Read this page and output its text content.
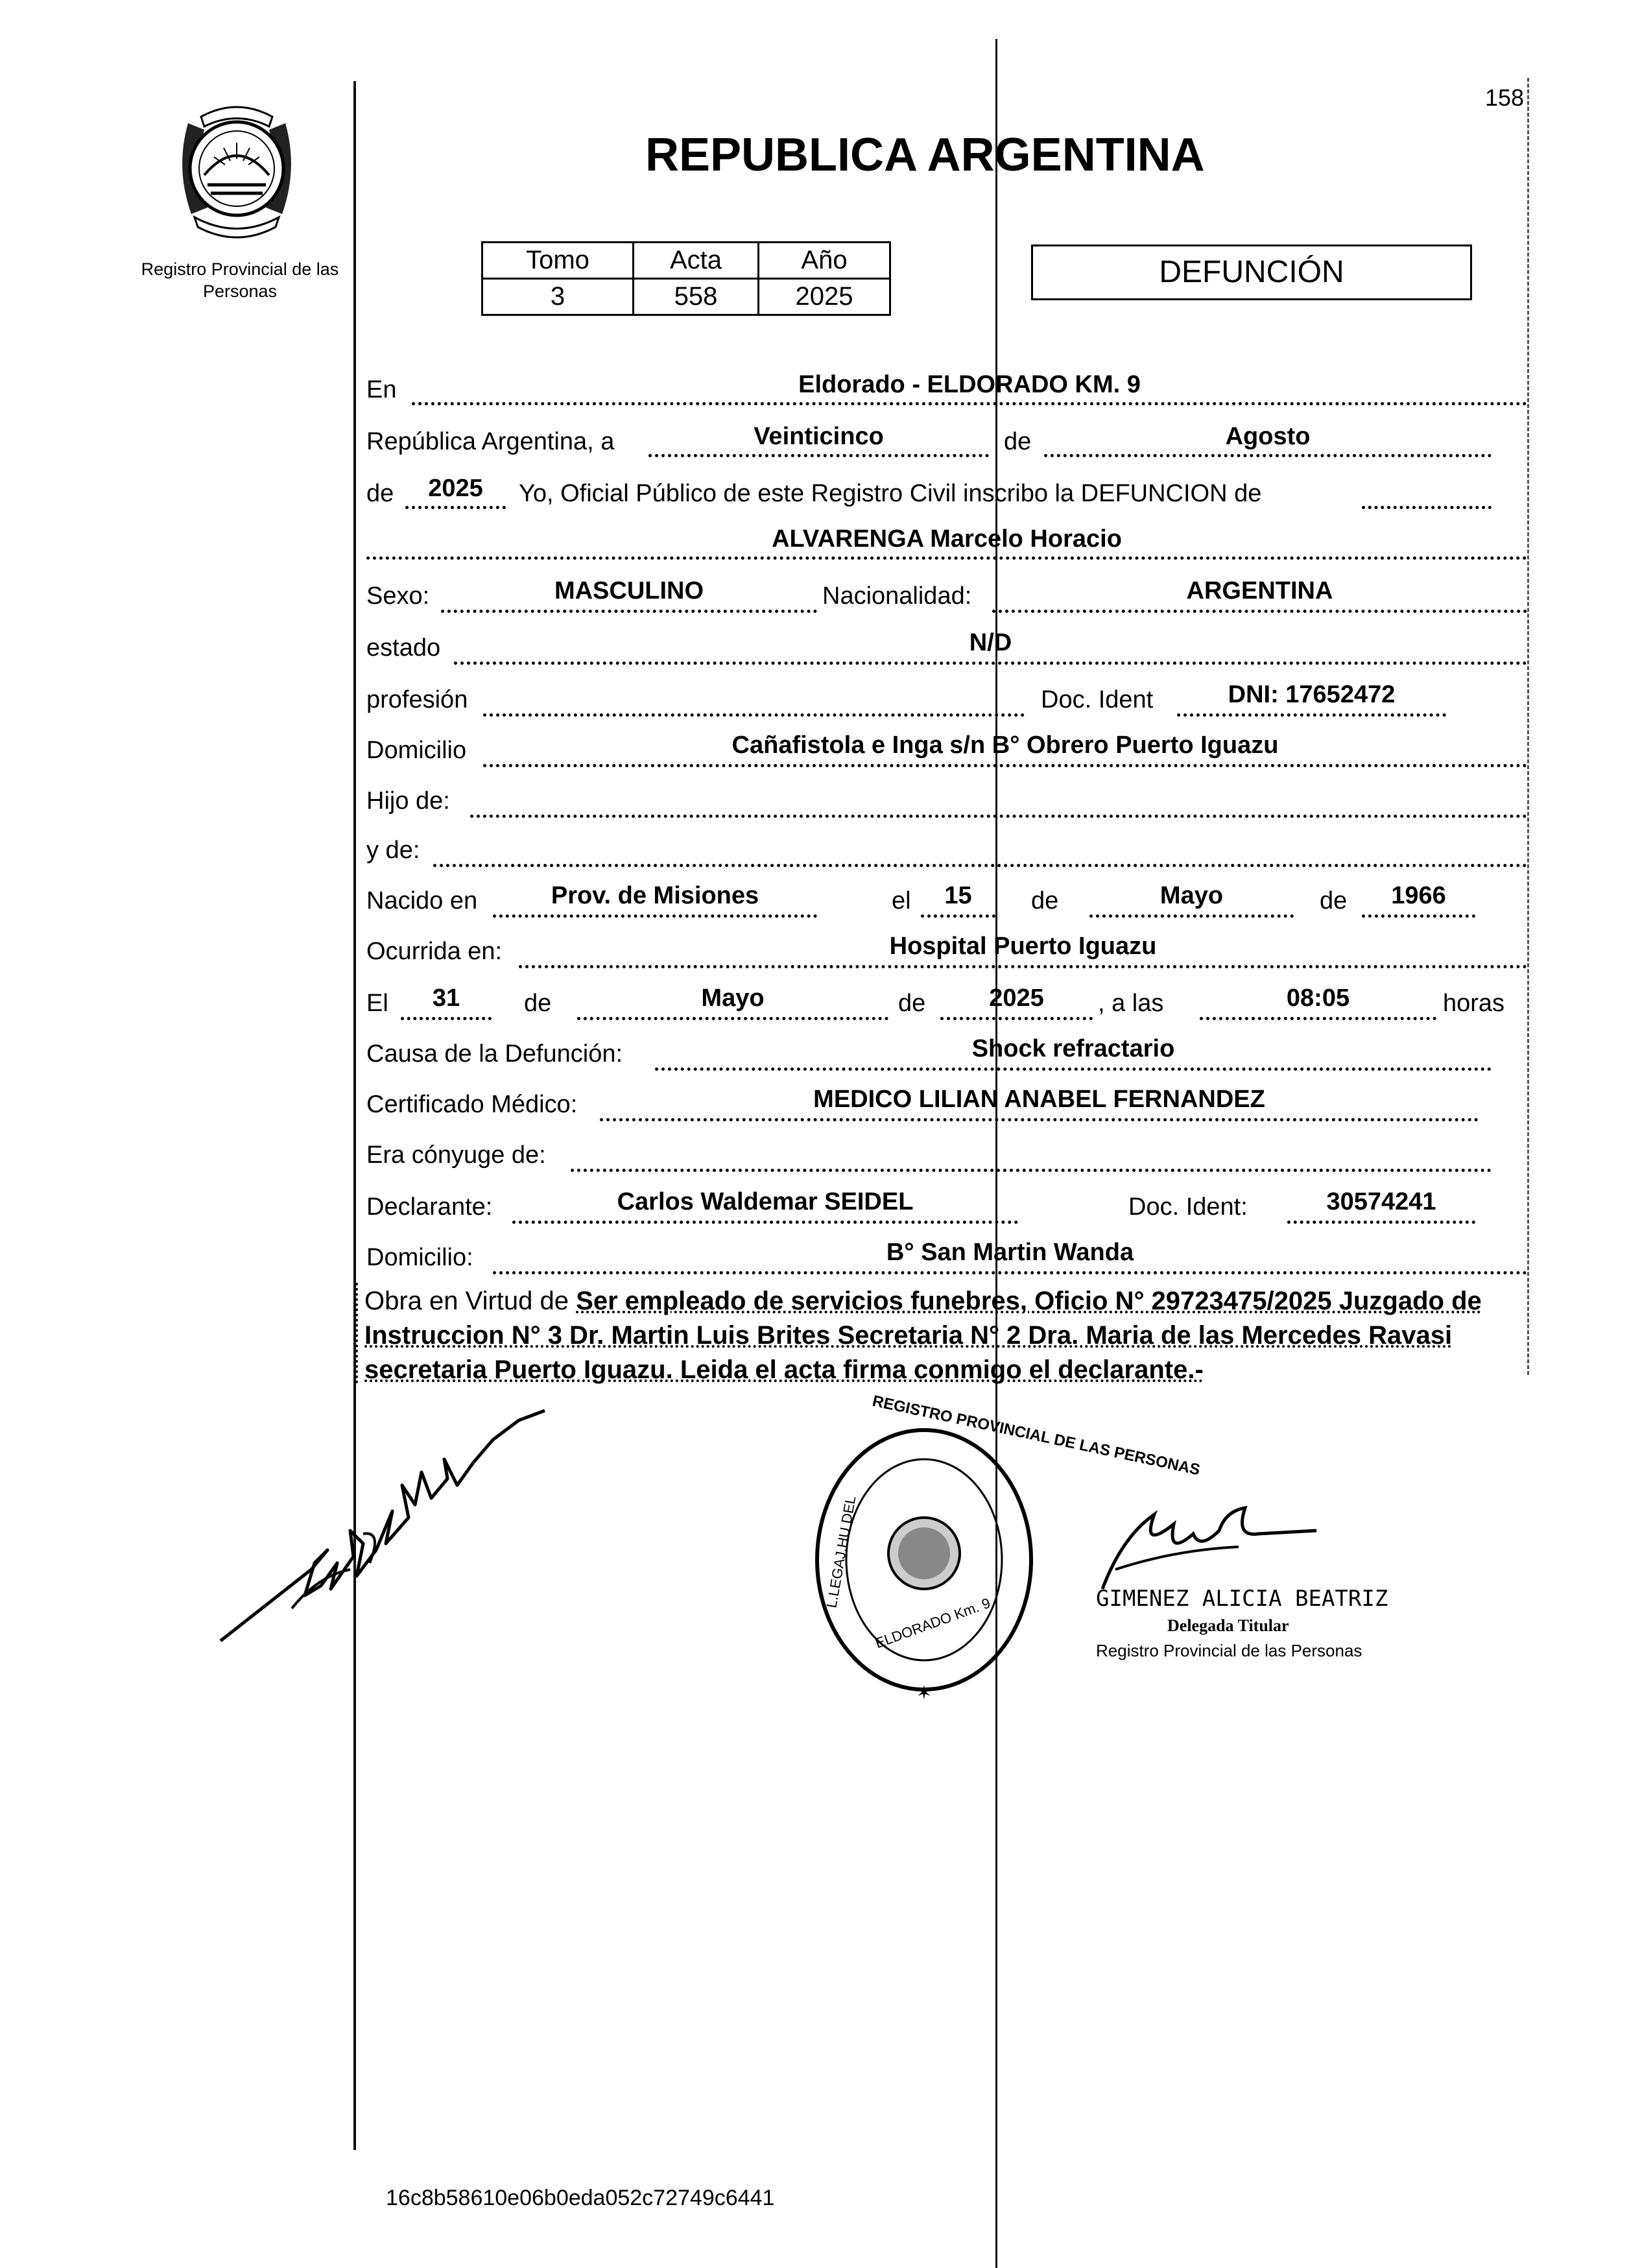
158
Registro Provincial de las Personas
REPUBLICA ARGENTINA
Tomo	Acta	Año
3	558	2025
DEFUNCIÓN
En	Eldorado - ELDORADO KM. 9
República Argentina, a	Veinticinco	de	Agosto
de	2025	Yo, Oficial Público de este Registro Civil inscribo la DEFUNCION de
ALVARENGA Marcelo Horacio
Sexo:	MASCULINO	Nacionalidad:	ARGENTINA
estado	N/D
profesión	Doc. Ident	DNI: 17652472
Domicilio	Cañafistola e Inga s/n B° Obrero Puerto Iguazu
Hijo de:
y de:
Nacido en	Prov. de Misiones	el	15	de	Mayo	de	1966
Ocurrida en:	Hospital Puerto Iguazu
El	31	de	Mayo	de	2025	, a las	08:05	horas
Causa de la Defunción:	Shock refractario
Certificado Médico:	MEDICO LILIAN ANABEL FERNANDEZ
Era cónyuge de:
Declarante:	Carlos Waldemar SEIDEL	Doc. Ident:	30574241
Domicilio:	B° San Martin Wanda
Obra en Virtud de Ser empleado de servicios funebres, Oficio N° 29723475/2025 Juzgado de Instruccion N° 3 Dr. Martin Luis Brites Secretaria N° 2 Dra. Maria de las Mercedes Ravasi secretaria Puerto Iguazu. Leida el acta firma conmigo el declarante.-
✶
REGISTRO PROVINCIAL DE LAS PERSONAS
L.LEGAJ.HU DEL
ELDORADO Km. 9	GIMENEZ ALICIA BEATRIZ
Delegada Titular
Registro Provincial de las Personas
16c8b58610e06b0eda052c72749c6441
